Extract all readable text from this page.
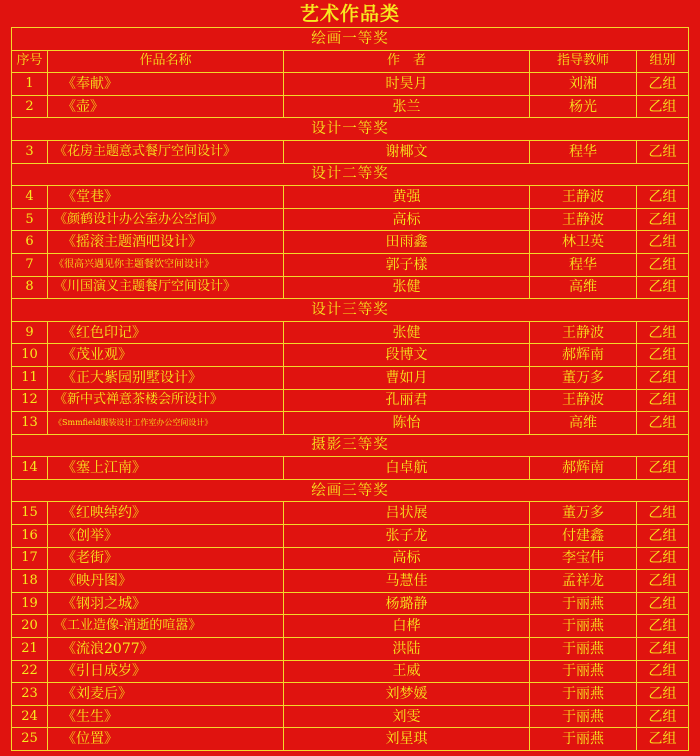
艺术作品类
绘画一等奖				
序号	作品名称	作　者	指导教师	组别
1	《奉献》	时昊月	刘湘	乙组
2	《壶》	张兰	杨光	乙组
设计一等奖				
3	《花房主题意式餐厅空间设计》	谢椰文	程华	乙组
设计二等奖				
4	《堂巷》	黄强	王静波	乙组
5	《颜鹤设计办公室办公空间》	高标	王静波	乙组
6	《摇滚主题酒吧设计》	田雨鑫	林卫英	乙组
7	《很高兴遇见你主题餐饮空间设计》	郭子樣	程华	乙组
8	《川国演义主题餐厅空间设计》	张健	高维	乙组
设计三等奖				
9	《红色印记》	张健	王静波	乙组
10	《茂业观》	段博文	郝辉南	乙组
11	《正大紫园别墅设计》	曹如月	董万多	乙组
12	《新中式禅意茶楼会所设计》	孔丽君	王静波	乙组
13	《Smmfield服装设计工作室办公空间设计》	陈怡	高维	乙组
摄影三等奖				
14	《塞上江南》	白卓航	郝辉南	乙组
绘画三等奖				
15	《红映绰约》	吕状展	董万多	乙组
16	《创举》	张子龙	付建鑫	乙组
17	《老街》	高标	李宝伟	乙组
18	《映丹图》	马慧佳	孟祥龙	乙组
19	《钢羽之城》	杨璐静	于丽燕	乙组
20	《工业造像-消逝的喧嚣》	白桦	于丽燕	乙组
21	《流浪2077》	洪陆	于丽燕	乙组
22	《引日成岁》	王威	于丽燕	乙组
23	《刘麦后》	刘梦媛	于丽燕	乙组
24	《生生》	刘雯	于丽燕	乙组
25	《位置》	刘星琪	于丽燕	乙组
